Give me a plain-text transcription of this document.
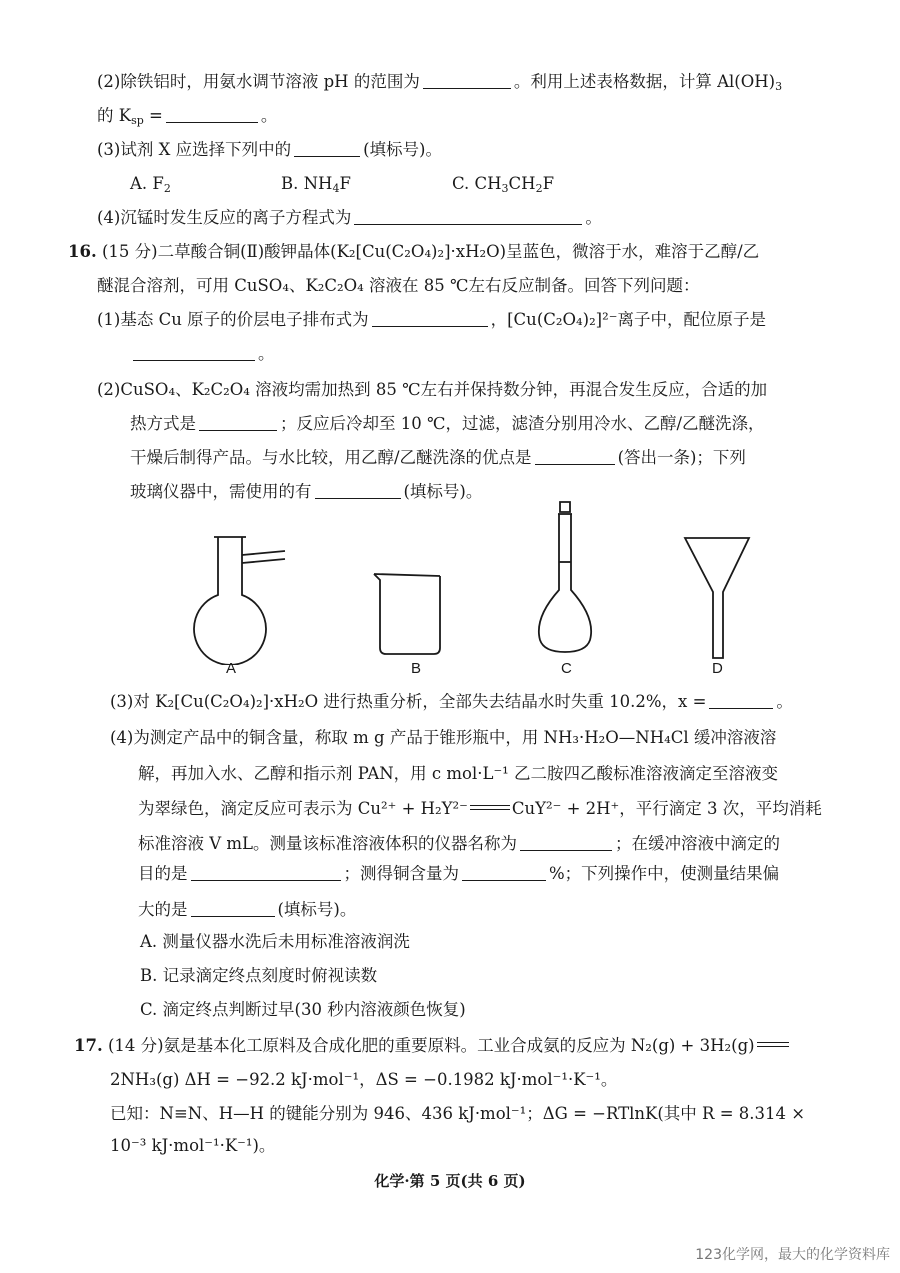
(2)除铁铝时，用氨水调节溶液 pH 的范围为	。利用上述表格数据，计算 $Al(OH)_3$
的 $K_{sp}$ =	。
(3)试剂 X 应选择下列中的	(填标号)。
A. $F_2$	B. $NH_4F$	C. $CH_3CH_2F$
(4)沉锰时发生反应的离子方程式为	。
16. (15 分)二草酸合铜(Ⅱ)酸钾晶体(K₂[Cu(C₂O₄)₂]·xH₂O)呈蓝色，微溶于水，难溶于乙醇/乙
醚混合溶剂，可用 CuSO₄、K₂C₂O₄ 溶液在 85 ℃左右反应制备。回答下列问题：
(1)基态 Cu 原子的价层电子排布式为	，[Cu(C₂O₄)₂]²⁻离子中，配位原子是
。
(2)CuSO₄、K₂C₂O₄ 溶液均需加热到 85 ℃左右并保持数分钟，再混合发生反应，合适的加
热方式是	；反应后冷却至 10 ℃，过滤，滤渣分别用冷水、乙醇/乙醚洗涤，
干燥后制得产品。与水比较，用乙醇/乙醚洗涤的优点是	(答出一条)；下列
玻璃仪器中，需使用的有	(填标号)。
A	B	C	D
(3)对 K₂[Cu(C₂O₄)₂]·xH₂O 进行热重分析，全部失去结晶水时失重 10.2%，x =	。
(4)为测定产品中的铜含量，称取 m g 产品于锥形瓶中，用 NH₃·H₂O—NH₄Cl 缓冲溶液溶
解，再加入水、乙醇和指示剂 PAN，用 c mol·L⁻¹ 乙二胺四乙酸标准溶液滴定至溶液变
为翠绿色，滴定反应可表示为 Cu²⁺ + H₂Y²⁻	CuY²⁻ + 2H⁺，平行滴定 3 次，平均消耗
标准溶液 V mL。测量该标准溶液体积的仪器名称为	；在缓冲溶液中滴定的
目的是	；测得铜含量为	%；下列操作中，使测量结果偏
大的是	(填标号)。
A. 测量仪器水洗后未用标准溶液润洗
B. 记录滴定终点刻度时俯视读数
C. 滴定终点判断过早(30 秒内溶液颜色恢复)
17. (14 分)氨是基本化工原料及合成化肥的重要原料。工业合成氨的反应为 N₂(g) + 3H₂(g)
2NH₃(g) ΔH = −92.2 kJ·mol⁻¹，ΔS = −0.1982 kJ·mol⁻¹·K⁻¹。
已知：N≡N、H—H 的键能分别为 946、436 kJ·mol⁻¹；ΔG = −RTlnK(其中 R = 8.314 ×
10⁻³ kJ·mol⁻¹·K⁻¹)。
化学·第 5 页(共 6 页)
123化学网，最大的化学资料库
